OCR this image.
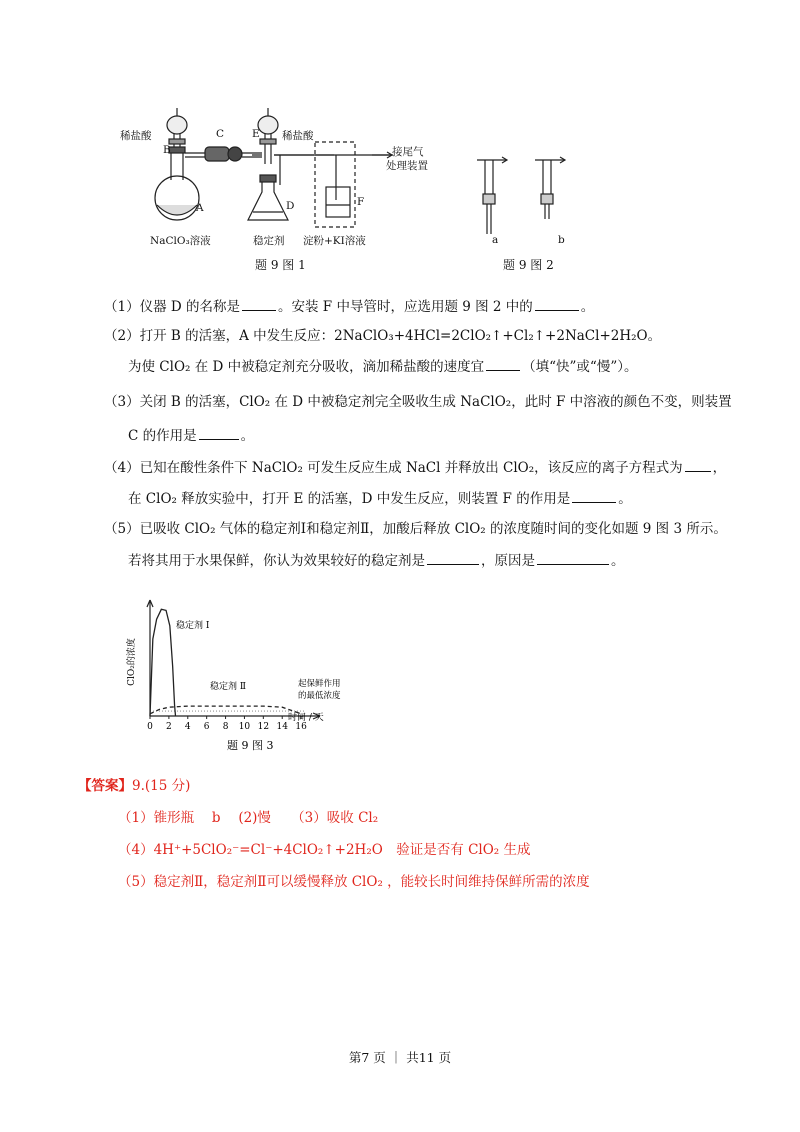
稀盐酸
B
C	E 稀盐酸
A	D	F
接尾气
处理装置
NaClO₃溶液	稳定剂 淀粉+KI溶液
题 9 图 1
a	b
题 9 图 2
（1）仪器 D 的名称是	。安装 F 中导管时，应选用题 9 图 2 中的	。
（2）打开 B 的活塞，A 中发生反应：2NaClO₃+4HCl=2ClO₂↑+Cl₂↑+2NaCl+2H₂O。
为使 ClO₂ 在 D 中被稳定剂充分吸收，滴加稀盐酸的速度宜	（填“快”或“慢”）。
（3）关闭 B 的活塞，ClO₂ 在 D 中被稳定剂完全吸收生成 NaClO₂，此时 F 中溶液的颜色不变，则装置
C 的作用是	。
（4）已知在酸性条件下 NaClO₂ 可发生反应生成 NaCl 并释放出 ClO₂，该反应的离子方程式为 ，
在 ClO₂ 释放实验中，打开 E 的活塞，D 中发生反应，则装置 F 的作用是	。
（5）已吸收 ClO₂ 气体的稳定剂Ⅰ和稳定剂Ⅱ，加酸后释放 ClO₂ 的浓度随时间的变化如题 9 图 3 所示。
若将其用于水果保鲜，你认为效果较好的稳定剂是	，原因是	。
0 2 4 6 8 10 12 14 16
ClO₂的浓度
时间 / 天
稳定剂 Ⅰ
稳定剂 Ⅱ	起保鲜作用
的最低浓度
题 9 图 3
【答案】9.(15 分)
（1）锥形瓶　 b　 (2)慢　　（3）吸收 Cl₂
（4）4H⁺+5ClO₂⁻=Cl⁻+4ClO₂↑+2H₂O　验证是否有 ClO₂ 生成
（5）稳定剂Ⅱ，稳定剂Ⅱ可以缓慢释放 ClO₂ ，能较长时间维持保鲜所需的浓度
第7 页 ｜ 共11 页
